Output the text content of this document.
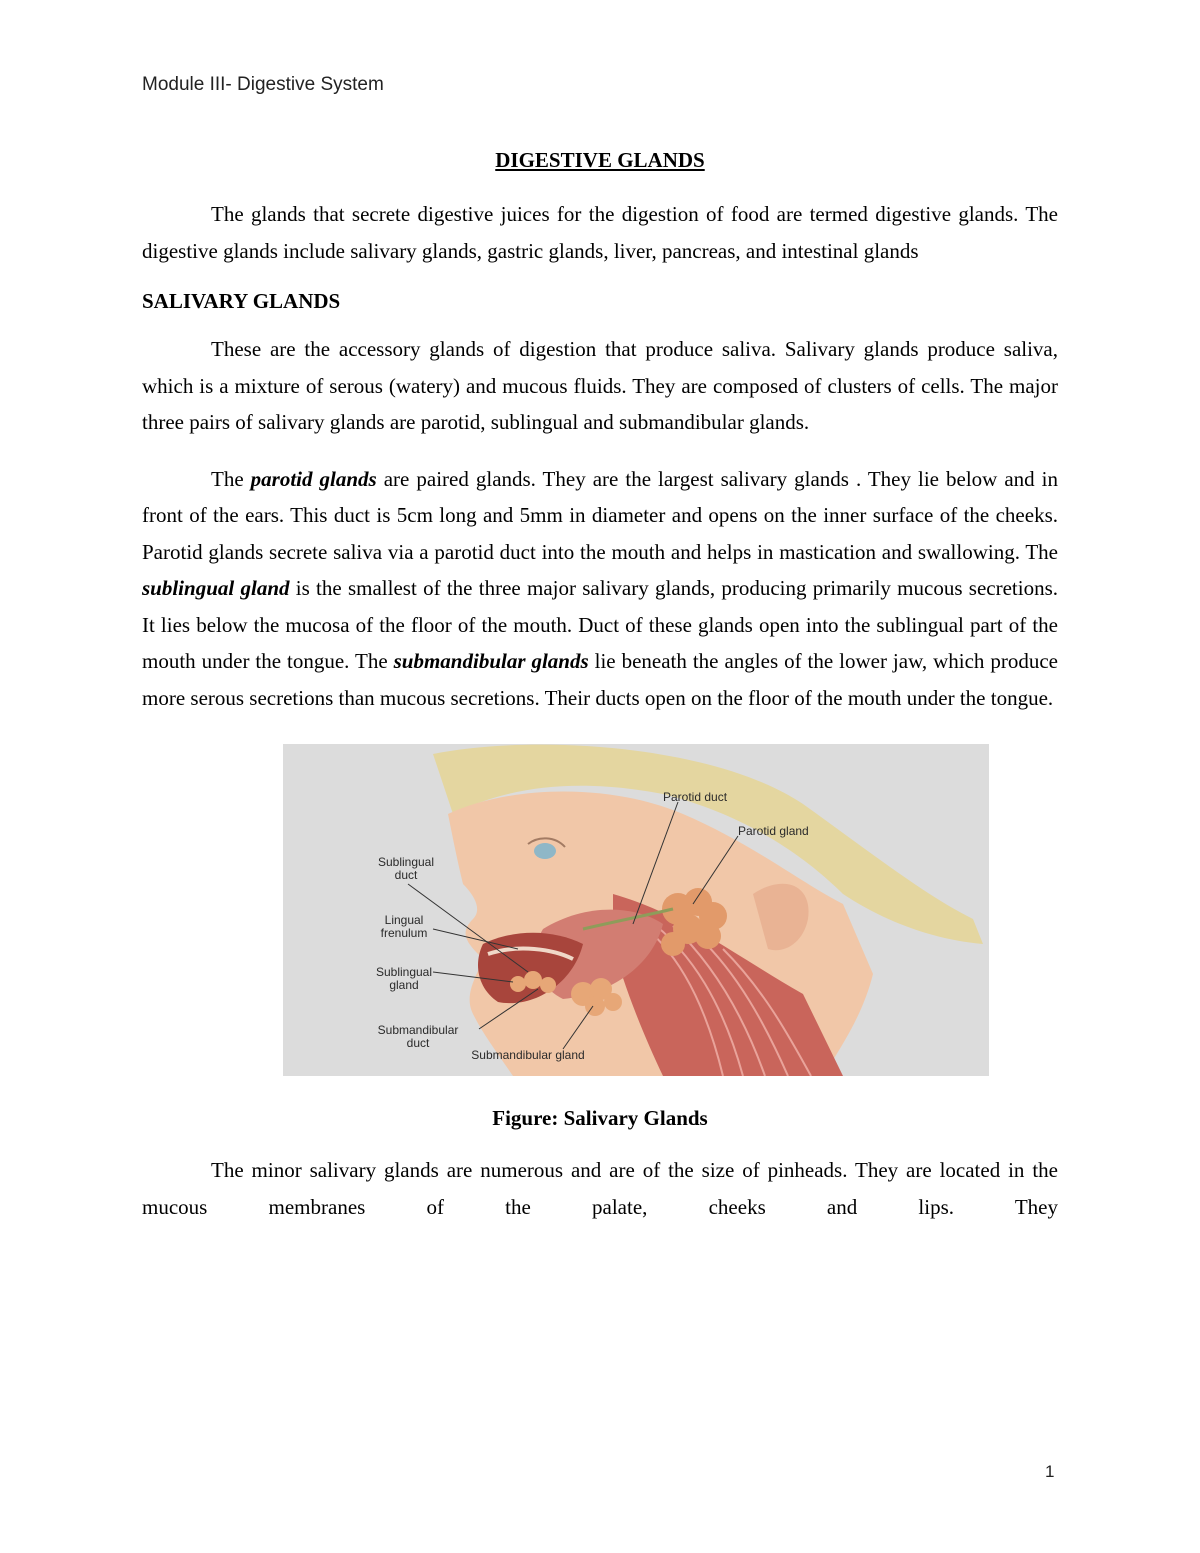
Module III- Digestive System
DIGESTIVE GLANDS

The glands that secrete digestive juices for the digestion of food are termed digestive glands. The digestive glands include salivary glands, gastric glands, liver, pancreas, and intestinal glands

SALIVARY GLANDS

These are the accessory glands of digestion that produce saliva. Salivary glands produce saliva, which is a mixture of serous (watery) and mucous fluids. They are composed of clusters of cells. The major three pairs of salivary glands are parotid, sublingual and submandibular glands.

The parotid glands are paired glands. They are the largest salivary glands . They lie below and in front of the ears. This duct is 5cm long and 5mm in diameter and opens on the inner surface of the cheeks. Parotid glands secrete saliva via a parotid duct into the mouth and helps in mastication and swallowing. The sublingual gland is the smallest of the three major salivary glands, producing primarily mucous secretions. It lies below the mucosa of the floor of the mouth. Duct of these glands open into the sublingual part of the mouth under the tongue. The submandibular glands lie beneath the angles of the lower jaw, which produce more serous secretions than mucous secretions. Their ducts open on the floor of the mouth under the tongue.

Parotid duct
Parotid gland
Sublingual duct
Lingual frenulum
Sublingual gland
Submandibular duct
Submandibular gland
Figure: Salivary Glands

The minor salivary glands are numerous and are of the size of pinheads. They are located in the mucous membranes of the palate, cheeks and lips. They

1
